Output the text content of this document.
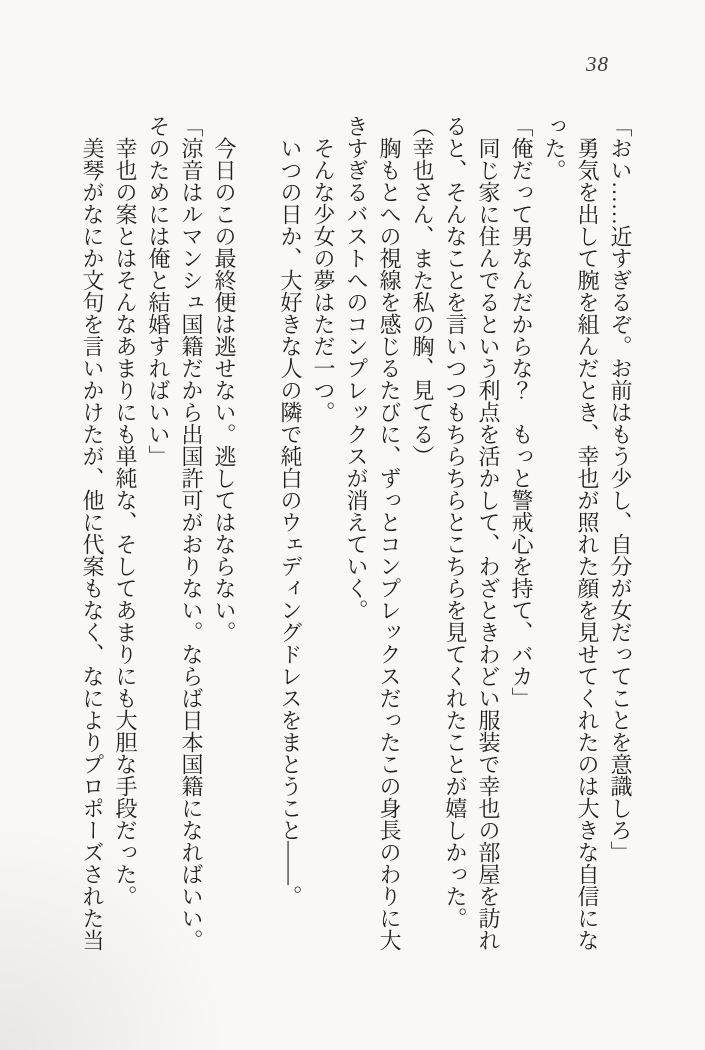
38

「おい……近すぎるぞ。お前はもう少し、自分が女だってことを意識しろ」

勇気を出して腕を組んだとき、幸也が照れた顔を見せてくれたのは大きな自信になった。

「俺だって男なんだからな？　もっと警戒心を持て、バカ」

同じ家に住んでるという利点を活かして、わざときわどい服装で幸也の部屋を訪れると、そんなことを言いつつもちらちらとこちらを見てくれたことが嬉しかった。

（幸也さん、また私の胸、見てる）

胸もとへの視線を感じるたびに、ずっとコンプレックスだったこの身長のわりに大きすぎるバストへのコンプレックスが消えていく。

そんな少女の夢はただ一つ。

いつの日か、大好きな人の隣で純白のウェディングドレスをまとうこと――。

今日のこの最終便は逃せない。逃してはならない。

「涼音はルマンシュ国籍だから出国許可がおりない。ならば日本国籍になればいい。そのためには俺と結婚すればいい」

幸也の案とはそんなあまりにも単純な、そしてあまりにも大胆な手段だった。

美琴がなにか文句を言いかけたが、他に代案もなく、なによりプロポーズされた当
